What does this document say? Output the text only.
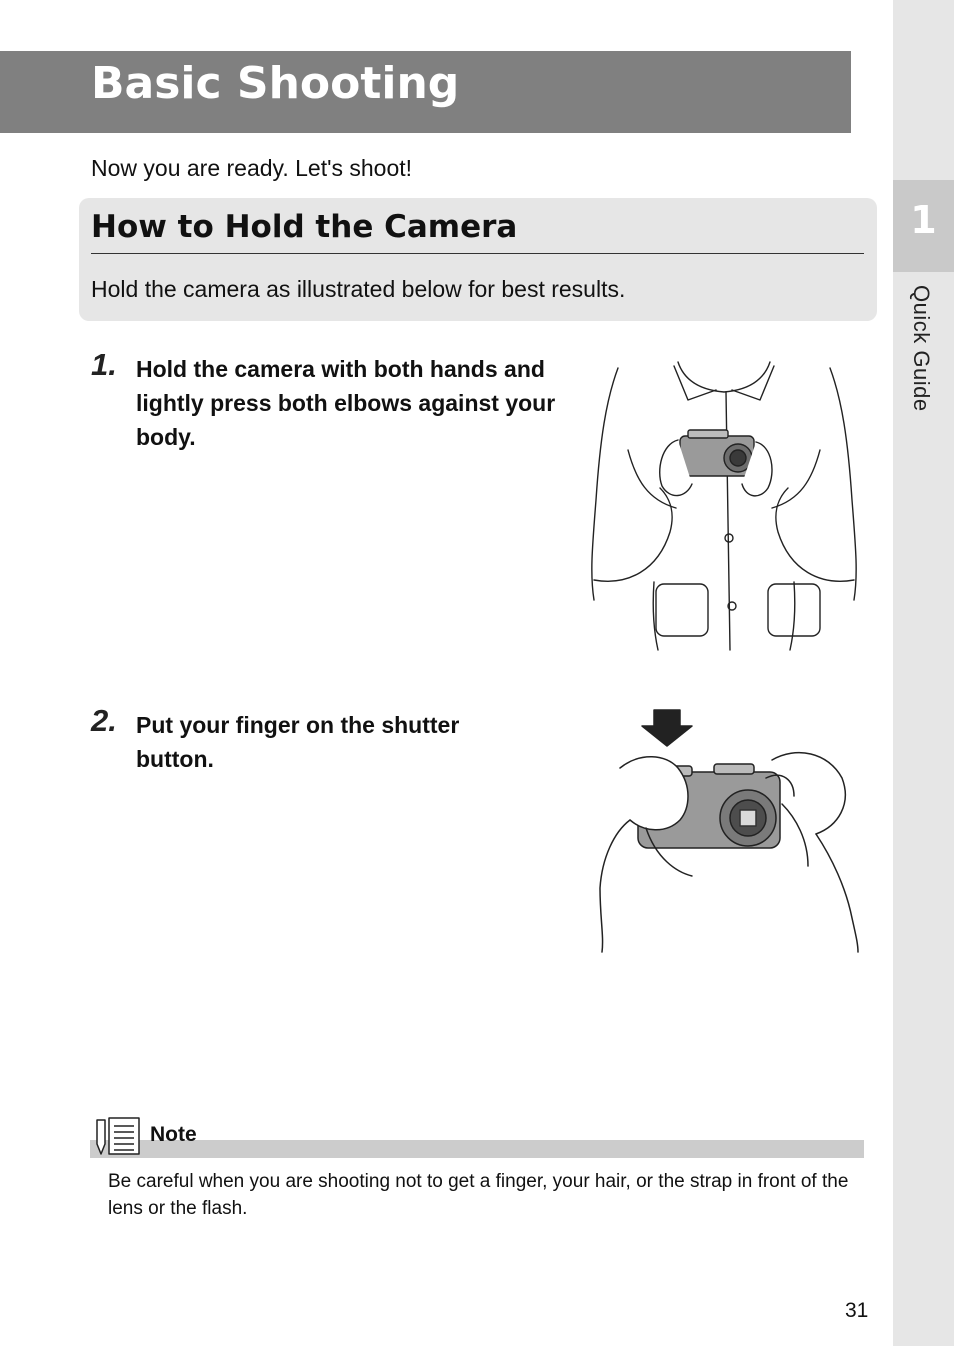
1
Quick Guide
Basic Shooting

Now you are ready. Let's shoot!

How to Hold the Camera

Hold the camera as illustrated below for best results.

1. Hold the camera with both hands and lightly press both elbows against your body.

2. Put your finger on the shutter button.

Note

Be careful when you are shooting not to get a finger, your hair, or the strap in front of the lens or the flash.

31
